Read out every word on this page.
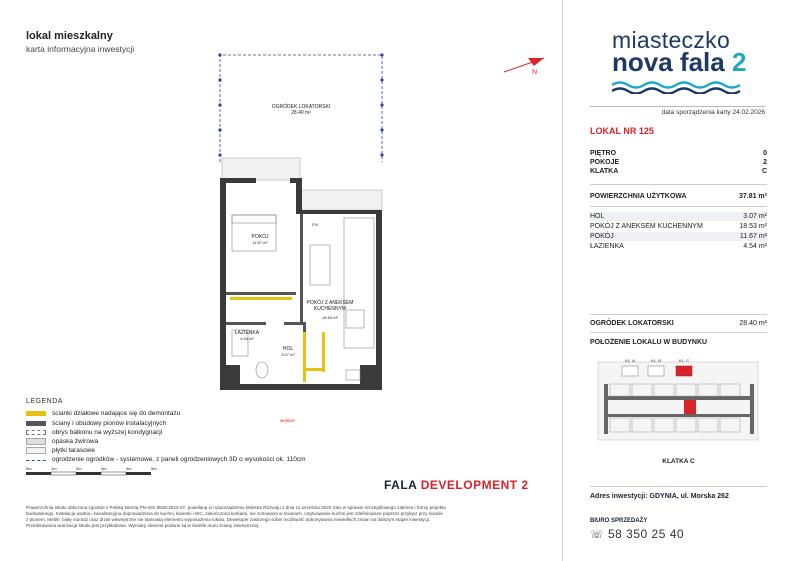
lokal mieszkalny
karta informacyjna inwestycji
N
OGRÓDEK LOKATORSKI
28.40 m²
POKÓJ
11.67 m²
POKÓJ Z ANEKSEM
KUCHENNYM
18.53 m²
ŁAZIENKA
4.54 m²
HOL
3.07 m²
FIX
wejście
LEGENDA
ścianki działowe nadające się do demontażu
ściany i obudowy pionów instalacyjnych
obrys balkonu na wyższej kondygnacji
opaska żwirowa
płytki tarasowe
ogrodzenie ogródków - systemowe, z paneli ogrodzeniowych 3D o wysokości ok. 110cm
0m	1m	2m	3m	4m	5m
FALA DEVELOPMENT 2
Powierzchnia lokalu obliczona zgodnie z Polską Normą PN-ISO 9836:2022-07, powołaną w rozporządzeniu Ministra Rozwoju z dnia 11 września 2020 roku w sprawie szczegółowego zakresu i formy projektu budowlanego. Instalacja wodna i kanalizacyjna doprowadzona do kuchni, łazienki i WC, zakończona korkami, nie schowana w ścianach. Usytuowanie kuchni jest zdefiniowane poprzez przyłącz przy ścianie z pionem. Meble, biały montaż oraz drzwi wewnętrzne nie stanowią elementu wyposażenia lokalu. Deweloper zastrzega sobie możliwość dokonywania niewielkich zmian na dalszym etapie inwestycji. Przedstawiona aranżacja lokalu jest przykładowa. Wymiary okienne podane są w świetle muru ściany zewnętrznej.
miasteczko
nova fala 2
data sporządzenia karty 24.02.2026
LOKAL NR 125
PIĘTRO	0
POKOJE	2
KLATKA	C
POWIERZCHNIA UŻYTKOWA	37.81 m²
HOL	3.07 m²
POKÓJ Z ANEKSEM KUCHENNYM	18.53 m²
POKÓJ	11.67 m²
ŁAZIENKA	4.54 m²
OGRÓDEK LOKATORSKI	28.40 m²
POŁOŻENIE LOKALU W BUDYNKU
KL. A	KL. B	KL. C
KLATKA C
Adres inwestycji: GDYNIA, ul. Morska 262
BIURO SPRZEDAŻY
☏ 58 350 25 40
